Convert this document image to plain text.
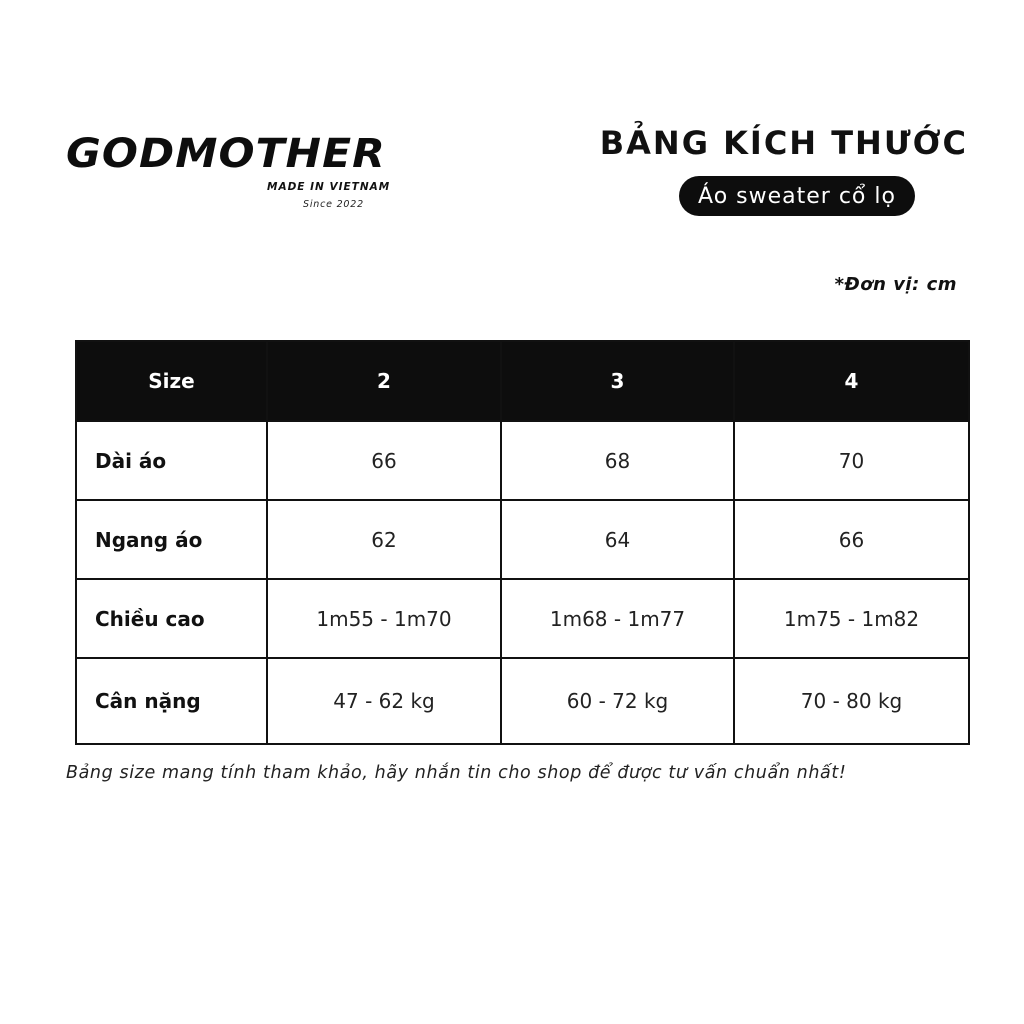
GODMOTHER
MADE IN VIETNAM
Since 2022
BẢNG KÍCH THƯỚC
Áo sweater cổ lọ
*Đơn vị: cm
Size	2	3	4
Dài áo	66	68	70
Ngang áo	62	64	66
Chiều cao	1m55 - 1m70	1m68 - 1m77	1m75 - 1m82
Cân nặng	47 - 62 kg	60 - 72 kg	70 - 80 kg
Bảng size mang tính tham khảo, hãy nhắn tin cho shop để được tư vấn chuẩn nhất!
